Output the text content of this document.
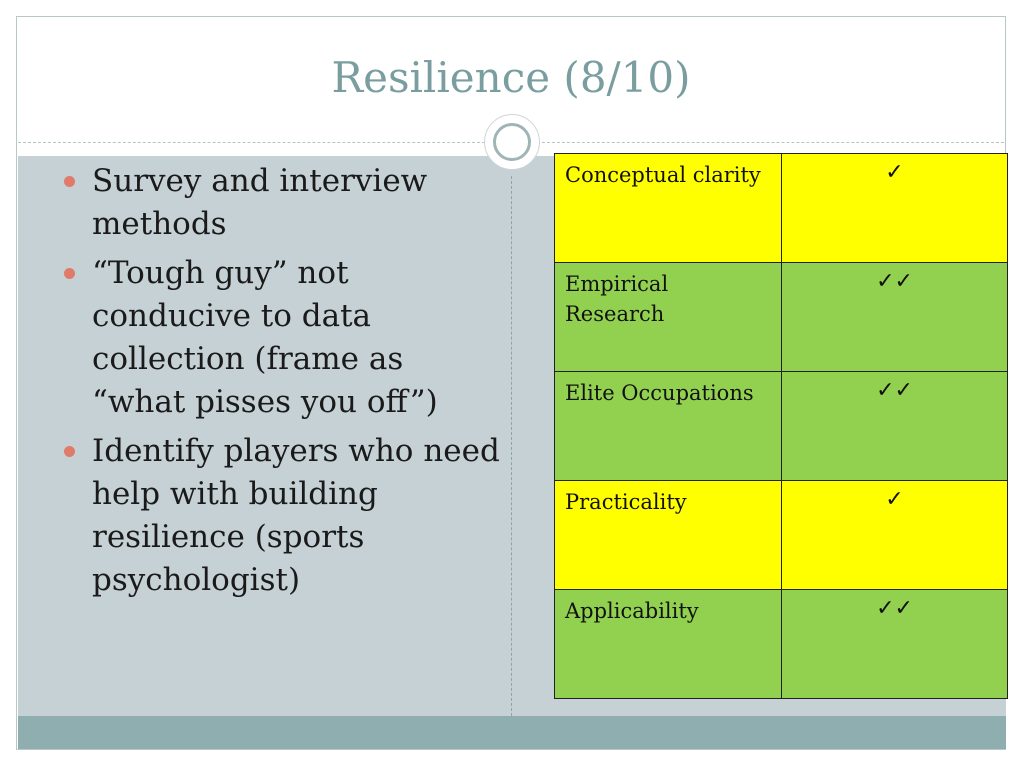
Resilience (8/10)
Survey and interview methods
“Tough guy” not conducive to data collection (frame as “what pisses you off”)
Identify players who need help with building resilience (sports psychologist)
Conceptual clarity	✓
Empirical Research	✓✓
Elite Occupations	✓✓
Practicality	✓
Applicability	✓✓
